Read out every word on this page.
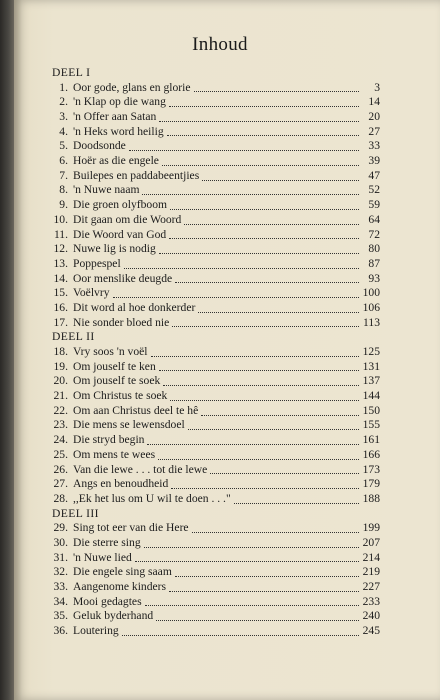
Inhoud
DEEL I
1. Oor gode, glans en glorie	3
2. 'n Klap op die wang	14
3. 'n Offer aan Satan	20
4. 'n Heks word heilig	27
5. Doodsonde	33
6. Hoër as die engele	39
7. Builepes en paddabeentjies	47
8. 'n Nuwe naam	52
9. Die groen olyfboom	59
10. Dit gaan om die Woord	64
11. Die Woord van God	72
12. Nuwe lig is nodig	80
13. Poppespel	87
14. Oor menslike deugde	93
15. Voëlvry	100
16. Dit word al hoe donkerder	106
17. Nie sonder bloed nie	113
DEEL II
18. Vry soos 'n voël	125
19. Om jouself te ken	131
20. Om jouself te soek	137
21. Om Christus te soek	144
22. Om aan Christus deel te hê	150
23. Die mens se lewensdoel	155
24. Die stryd begin	161
25. Om mens te wees	166
26. Van die lewe . . . tot die lewe	173
27. Angs en benoudheid	179
28. ,,Ek het lus om U wil te doen . . ."	188
DEEL III
29. Sing tot eer van die Here	199
30. Die sterre sing	207
31. 'n Nuwe lied	214
32. Die engele sing saam	219
33. Aangenome kinders	227
34. Mooi gedagtes	233
35. Geluk byderhand	240
36. Loutering	245
